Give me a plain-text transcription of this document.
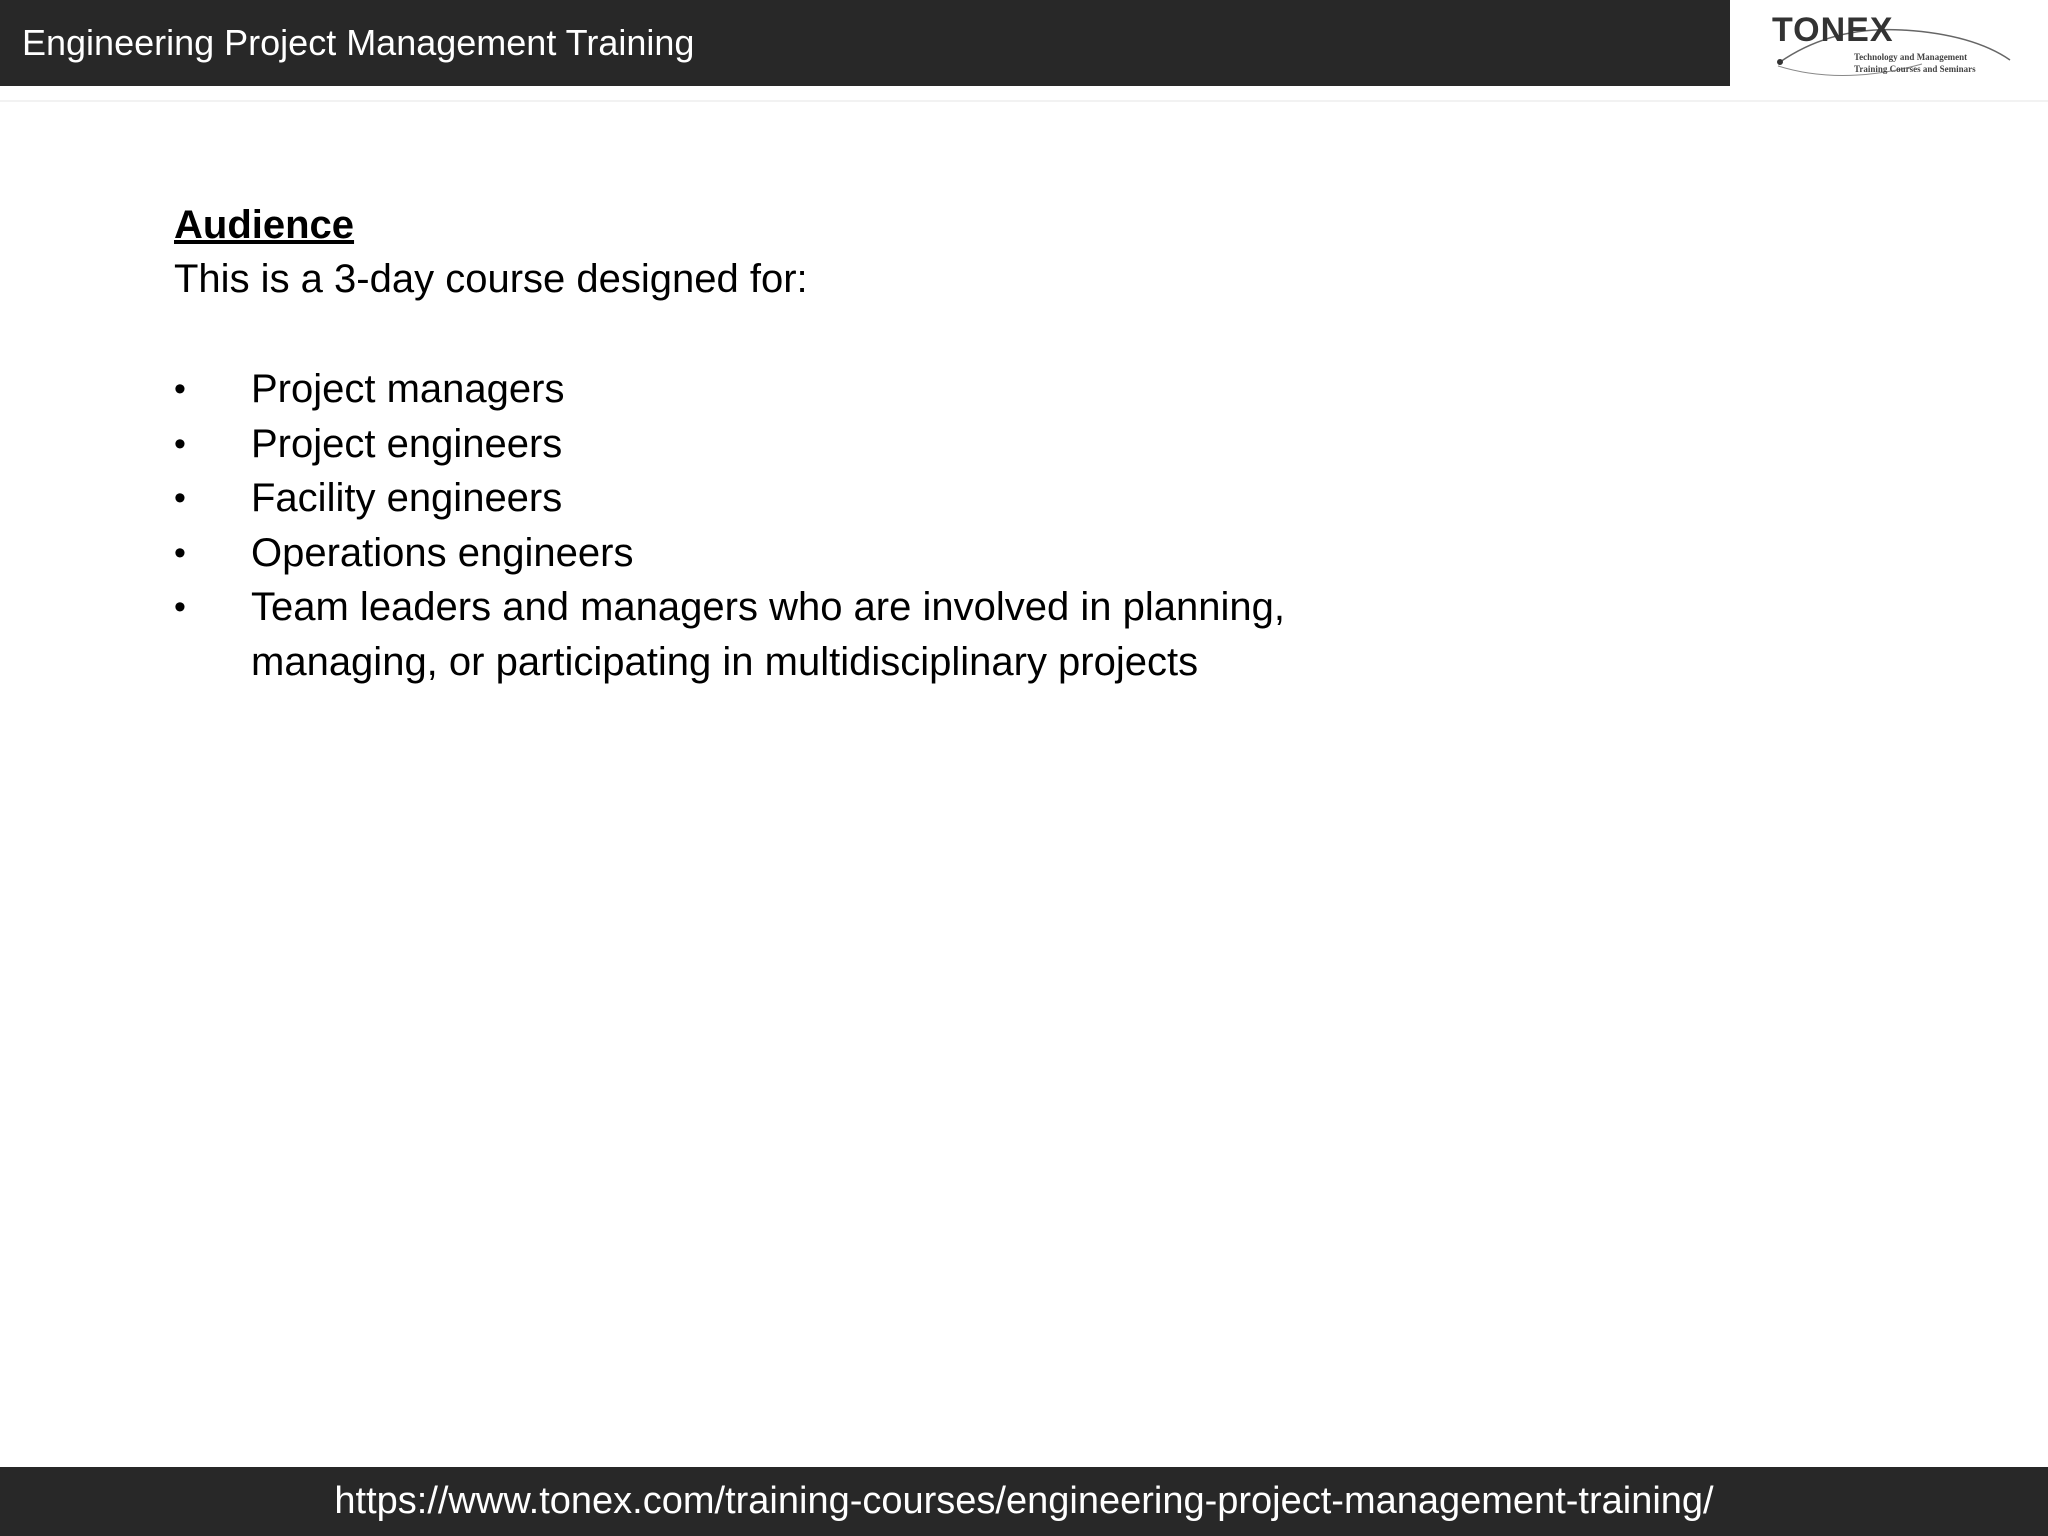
Engineering Project Management Training	TONEX
Technology and Management
Training Courses and Seminars

Audience

This is a 3-day course designed for:

• Project managers
• Project engineers
• Facility engineers
• Operations engineers
• Team leaders and managers who are involved in planning, managing, or participating in multidisciplinary projects
https://www.tonex.com/training-courses/engineering-project-management-training/
